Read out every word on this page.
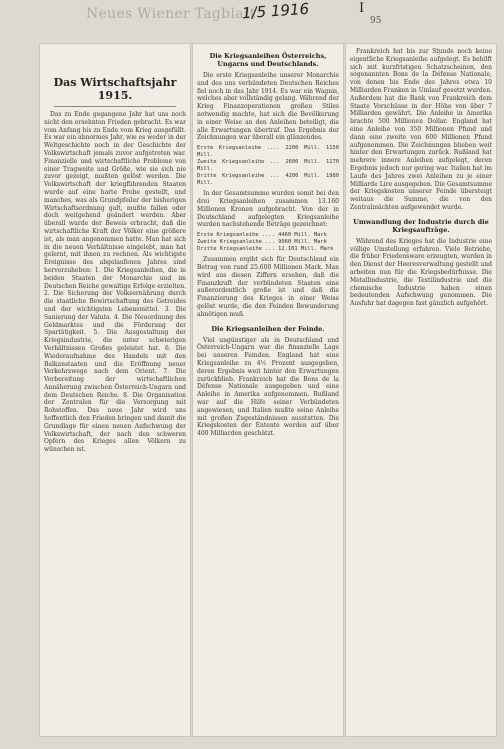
Neues Wiener Tagblatt
1/5 1916	I
95
Das Wirtschaftsjahr 1915.

Das zu Ende gegangene Jahr hat uns noch nicht den ersehnten Frieden gebracht. Es war vom Anfang bis zu Ende vom Krieg ausgefüllt. Es war ein abnormes Jahr, wie es weder in der Weltgeschichte noch in der Geschichte der Volkswirtschaft jemals zuvor aufgetreten war. Finanzielle und wirtschaftliche Probleme von einer Tragweite und Größe, wie sie sich nie zuvor gezeigt, mußten gelöst werden. Die Volkswirtschaft der kriegführenden Staaten wurde auf eine harte Probe gestellt, und manches, was als Grundpfeiler der bisherigen Wirtschaftsordnung galt, mußte fallen oder doch weitgehend geändert werden. Aber überall wurde der Beweis erbracht, daß die wirtschaftliche Kraft der Völker eine größere ist, als man angenommen hatte. Man hat sich in die neuen Verhältnisse eingelebt, man hat gelernt, mit ihnen zu rechnen. Als wichtigste Ereignisse des abgelaufenen Jahres sind hervorzuheben: 1. Die Kriegsanleihen, die in beiden Staaten der Monarchie und im Deutschen Reiche gewaltige Erfolge erzielten. 2. Die Sicherung der Volksernährung durch die staatliche Bewirtschaftung des Getreides und der wichtigsten Lebensmittel. 3. Die Sanierung der Valuta. 4. Die Neuordnung des Geldmarktes und die Förderung der Spartätigkeit. 5. Die Ausgestaltung der Kriegsindustrie, die unter schwierigen Verhältnissen Großes geleistet hat. 6. Die Wiederaufnahme des Handels mit den Balkanstaaten und die Eröffnung neuer Verkehrswege nach dem Orient. 7. Die Vorbereitung der wirtschaftlichen Annäherung zwischen Österreich-Ungarn und dem Deutschen Reiche. 8. Die Organisation der Zentralen für die Versorgung mit Rohstoffen. Das neue Jahr wird uns hoffentlich den Frieden bringen und damit die Grundlage für einen neuen Aufschwung der Volkswirtschaft, der nach den schweren Opfern des Krieges allen Völkern zu wünschen ist.

Die Kriegsanleihen Österreichs, Ungarns und Deutschlands.

Die erste Kriegsanleihe unserer Monarchie und des uns verbündeten Deutschen Reiches fiel noch in das Jahr 1914. Es war ein Wagnis, welches aber vollständig gelang. Während der Krieg Finanzoperationen großen Stiles notwendig machte, hat sich die Bevölkerung in einer Weise an den Anleihen beteiligt, die alle Erwartungen übertraf. Das Ergebnis der Zeichnungen war überall ein glänzendes.

Erste Kriegsanleihe .... 2200 Mill. 1150 Mill.
Zweite Kriegsanleihe ... 2600 Mill. 1170 Mill.
Dritte Kriegsanleihe ... 4200 Mill. 1980 Mill.

In der Gesamtsumme wurden somit bei den drei Kriegsanleihen zusammen 13.160 Millionen Kronen aufgebracht. Von der in Deutschland aufgelegten Kriegsanleihe wurden nachstehende Beträge gezeichnet:

Erste Kriegsanleihe .... 4460 Mill. Mark
Zweite Kriegsanleihe ... 9060 Mill. Mark
Dritte Kriegsanleihe ... 12.101 Mill. Mark

Zusammen ergibt sich für Deutschland ein Betrag von rund 25.600 Millionen Mark. Man wird aus diesen Ziffern ersehen, daß die Finanzkraft der verbündeten Staaten eine außerordentlich große ist und daß die Finanzierung des Krieges in einer Weise gelöst wurde, die den Feinden Bewunderung abnötigen muß.

Die Kriegsanleihen der Feinde.

Viel ungünstiger als in Deutschland und Österreich-Ungarn war die finanzielle Lage bei unseren Feinden. England hat eine Kriegsanleihe zu 4½ Prozent ausgegeben, deren Ergebnis weit hinter den Erwartungen zurückblieb. Frankreich hat die Bons de la Défense Nationale ausgegeben und eine Anleihe in Amerika aufgenommen. Rußland war auf die Hilfe seiner Verbündeten angewiesen, und Italien mußte seine Anleihe mit großen Zugeständnissen ausstatten. Die Kriegskosten der Entente werden auf über 400 Milliarden geschätzt.

Frankreich hat bis zur Stunde noch keine eigentliche Kriegsanleihe aufgelegt. Es behilft sich mit kurzfristigen Schatzscheinen, den sogenannten Bons de la Défense Nationale, von denen bis Ende des Jahres etwa 10 Milliarden Franken in Umlauf gesetzt wurden. Außerdem hat die Bank von Frankreich dem Staate Vorschüsse in der Höhe von über 7 Milliarden gewährt. Die Anleihe in Amerika brachte 500 Millionen Dollar. England hat eine Anleihe von 350 Millionen Pfund und dann eine zweite von 600 Millionen Pfund aufgenommen. Die Zeichnungen blieben weit hinter den Erwartungen zurück. Rußland hat mehrere innere Anleihen aufgelegt, deren Ergebnis jedoch nur gering war. Italien hat im Laufe des Jahres zwei Anleihen zu je einer Milliarde Lire ausgegeben. Die Gesamtsumme der Kriegskosten unserer Feinde übersteigt weitaus die Summe, die von den Zentralmächten aufgewendet wurde.

Umwandlung der Industrie durch die Kriegsaufträge.

Während des Krieges hat die Industrie eine völlige Umstellung erfahren. Viele Betriebe, die früher Friedensware erzeugten, wurden in den Dienst der Heeresverwaltung gestellt und arbeiten nun für die Kriegsbedürfnisse. Die Metallindustrie, die Textilindustrie und die chemische Industrie haben einen bedeutenden Aufschwung genommen. Die Ausfuhr hat dagegen fast gänzlich aufgehört.
